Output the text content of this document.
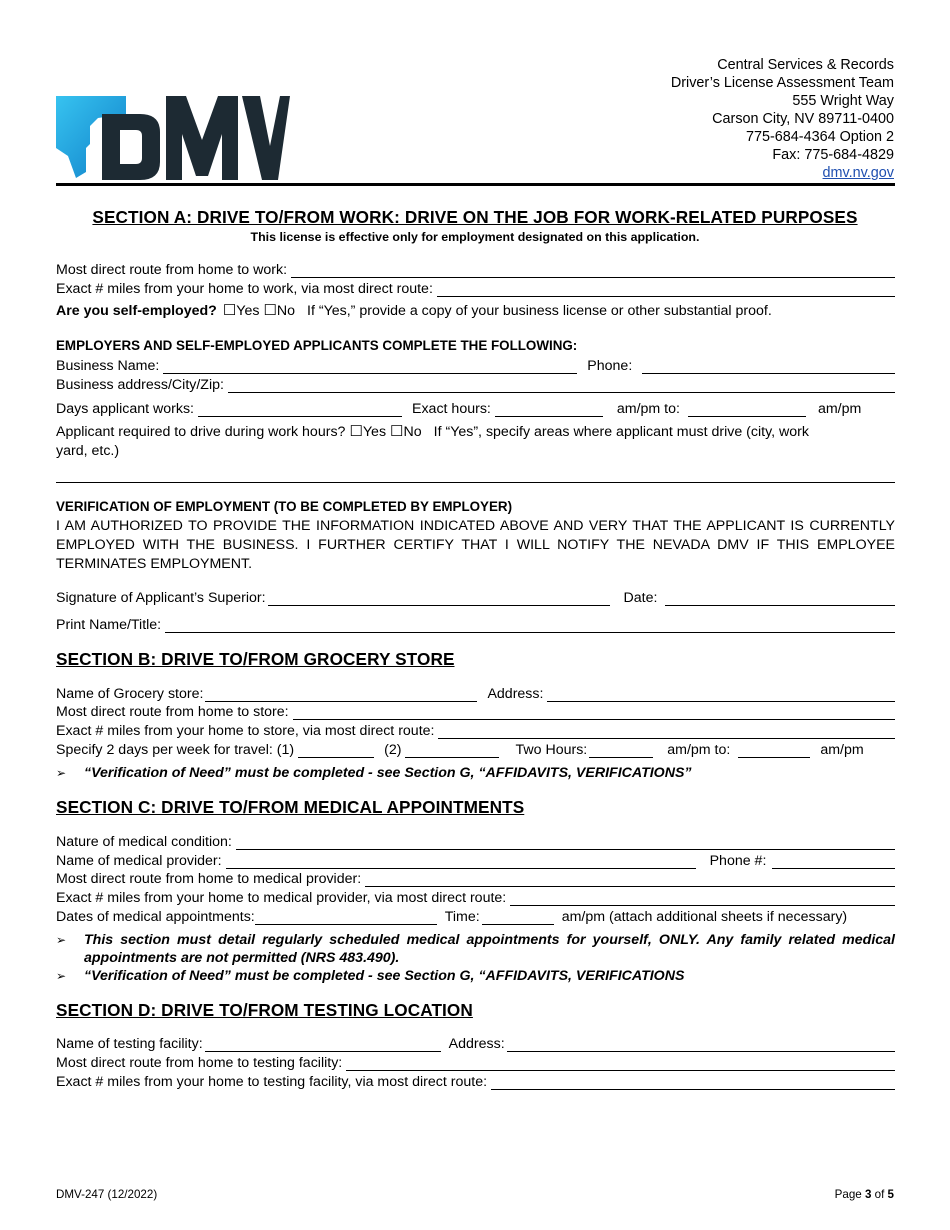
Central Services & Records
Driver’s License Assessment Team
555 Wright Way
Carson City, NV 89711-0400
775-684-4364 Option 2
Fax: 775-684-4829
dmv.nv.gov
SECTION A: DRIVE TO/FROM WORK: DRIVE ON THE JOB FOR WORK-RELATED PURPOSES
This license is effective only for employment designated on this application.
Most direct route from home to work:
Exact # miles from your home to work, via most direct route:
Are you self-employed? ☐ Yes ☐ No If “Yes,” provide a copy of your business license or other substantial proof.
EMPLOYERS AND SELF-EMPLOYED APPLICANTS COMPLETE THE FOLLOWING:
Business Name:	Phone:
Business address/City/Zip:
Days applicant works:	Exact hours:	am/pm to:	am/pm
Applicant required to drive during work hours? ☐ Yes ☐ No If “Yes”, specify areas where applicant must drive (city, work
yard, etc.)
VERIFICATION OF EMPLOYMENT (TO BE COMPLETED BY EMPLOYER)
I AM AUTHORIZED TO PROVIDE THE INFORMATION INDICATED ABOVE AND VERY THAT THE APPLICANT IS CURRENTLY EMPLOYED WITH THE BUSINESS. I FURTHER CERTIFY THAT I WILL NOTIFY THE NEVADA DMV IF THIS EMPLOYEE TERMINATES EMPLOYMENT.
Signature of Applicant’s Superior:	Date:
Print Name/Title:
SECTION B: DRIVE TO/FROM GROCERY STORE
Name of Grocery store:	Address:
Most direct route from home to store:
Exact # miles from your home to store, via most direct route:
Specify 2 days per week for travel: (1)	(2)	Two Hours:	am/pm to:	am/pm
➢	“Verification of Need” must be completed - see Section G, “AFFIDAVITS, VERIFICATIONS”
SECTION C: DRIVE TO/FROM MEDICAL APPOINTMENTS
Nature of medical condition:
Name of medical provider:	Phone #:
Most direct route from home to medical provider:
Exact # miles from your home to medical provider, via most direct route:
Dates of medical appointments:	Time:	am/pm (attach additional sheets if necessary)
➢	This section must detail regularly scheduled medical appointments for yourself, ONLY. Any family related medical appointments are not permitted (NRS 483.490).
➢	“Verification of Need” must be completed - see Section G, “AFFIDAVITS, VERIFICATIONS
SECTION D: DRIVE TO/FROM TESTING LOCATION
Name of testing facility:	Address:
Most direct route from home to testing facility:
Exact # miles from your home to testing facility, via most direct route:
DMV-247 (12/2022)	Page 3 of 5
